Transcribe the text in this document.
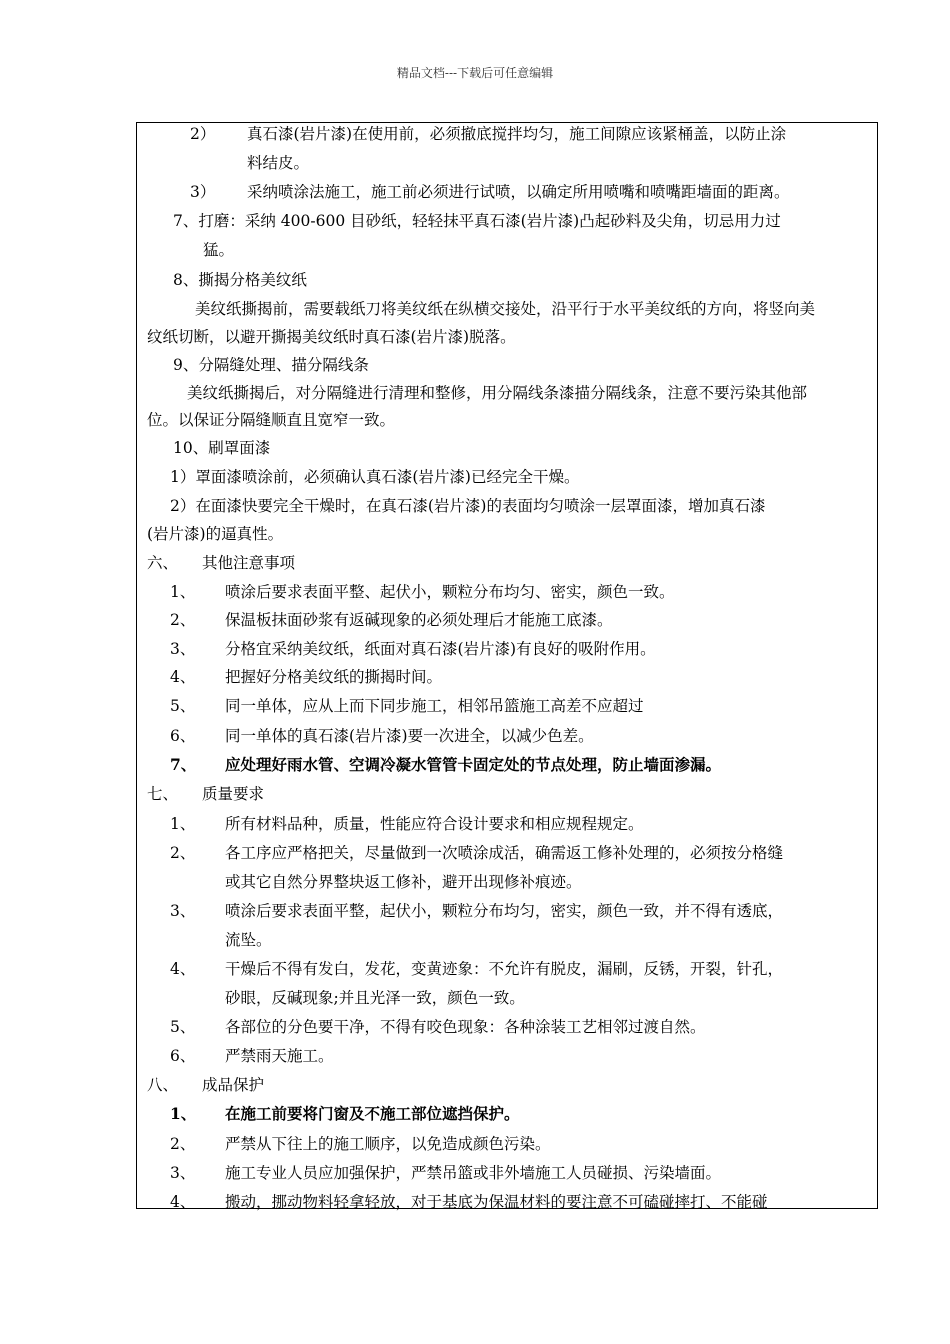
精品文档---下载后可任意编辑
2） 真石漆(岩片漆)在使用前，必须撤底搅拌均匀，施工间隙应该紧桶盖，以防止涂
料结皮。
3） 采纳喷涂法施工，施工前必须进行试喷，以确定所用喷嘴和喷嘴距墙面的距离。
7、打磨：采纳 400-600 目砂纸，轻轻抹平真石漆(岩片漆)凸起砂料及尖角，切忌用力过
猛。
8、撕揭分格美纹纸
美纹纸撕揭前，需要载纸刀将美纹纸在纵横交接处，沿平行于水平美纹纸的方向，将竖向美
纹纸切断，以避开撕揭美纹纸时真石漆(岩片漆)脱落。
9、分隔缝处理、描分隔线条
美纹纸撕揭后，对分隔缝进行清理和整修，用分隔线条漆描分隔线条，注意不要污染其他部
位。以保证分隔缝顺直且宽窄一致。
10、刷罩面漆
1）罩面漆喷涂前，必须确认真石漆(岩片漆)已经完全干燥。
2）在面漆快要完全干燥时，在真石漆(岩片漆)的表面均匀喷涂一层罩面漆，增加真石漆
(岩片漆)的逼真性。
六、 其他注意事项
1、 喷涂后要求表面平整、起伏小，颗粒分布均匀、密实，颜色一致。
2、 保温板抹面砂浆有返碱现象的必须处理后才能施工底漆。
3、 分格宜采纳美纹纸，纸面对真石漆(岩片漆)有良好的吸附作用。
4、 把握好分格美纹纸的撕揭时间。
5、 同一单体，应从上而下同步施工，相邻吊篮施工高差不应超过
6、 同一单体的真石漆(岩片漆)要一次进全，以减少色差。
7、 应处理好雨水管、空调冷凝水管管卡固定处的节点处理，防止墙面渗漏。
七、 质量要求
1、 所有材料品种，质量，性能应符合设计要求和相应规程规定。
2、 各工序应严格把关，尽量做到一次喷涂成活，确需返工修补处理的，必须按分格缝
或其它自然分界整块返工修补，避开出现修补痕迹。
3、 喷涂后要求表面平整，起伏小，颗粒分布均匀，密实，颜色一致，并不得有透底，
流坠。
4、 干燥后不得有发白，发花，变黄迹象：不允许有脱皮，漏刷，反锈，开裂，针孔，
砂眼，反碱现象;并且光泽一致，颜色一致。
5、 各部位的分色要干净，不得有咬色现象：各种涂装工艺相邻过渡自然。
6、 严禁雨天施工。
八、 成品保护
1、 在施工前要将门窗及不施工部位遮挡保护。
2、 严禁从下往上的施工顺序，以免造成颜色污染。
3、 施工专业人员应加强保护，严禁吊篮或非外墙施工人员碰损、污染墙面。
4、 搬动，挪动物料轻拿轻放，对于基底为保温材料的要注意不可磕碰摔打、不能碰
